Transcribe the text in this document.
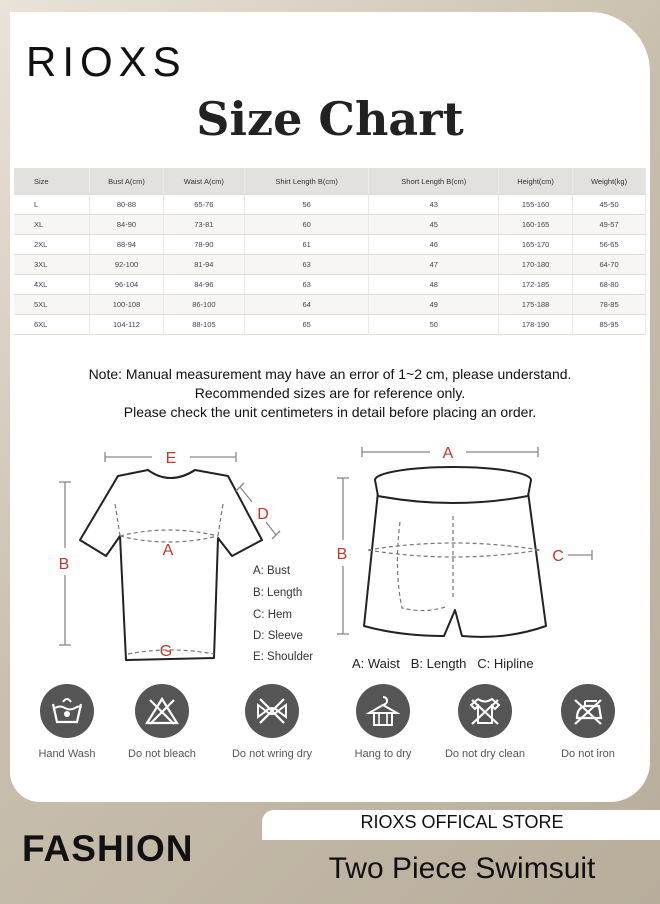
RIOXS
Size Chart
Size	Bust A(cm)	Waist A(cm)	Shirt Length B(cm)	Short Length B(cm)	Height(cm)	Weight(kg)
L	80-88	65-76	56	43	155-160	45-50
XL	84-90	73-81	60	45	160-165	49-57
2XL	88-94	78-90	61	46	165-170	56-65
3XL	92-100	81-94	63	47	170-180	64-70
4XL	96-104	84-96	63	48	172-185	68-80
5XL	100-108	86-100	64	49	175-188	78-85
6XL	104-112	88-105	65	50	178-190	85-95
Note: Manual measurement may have an error of 1~2 cm, please understand.
Recommended sizes are for reference only.
Please check the unit centimeters in detail before placing an order.
E
D
B
A
G
A: Bust
B: Length
C: Hem
D: Sleeve
E: Shoulder
A
B	C
A: Waist   B: Length   C: Hipline
Hand Wash	Do not bleach	Do not wring dry	Hang to dry	Do not dry clean	Do not iron
FASHION
RIOXS OFFICAL STORE
Two Piece Swimsuit
